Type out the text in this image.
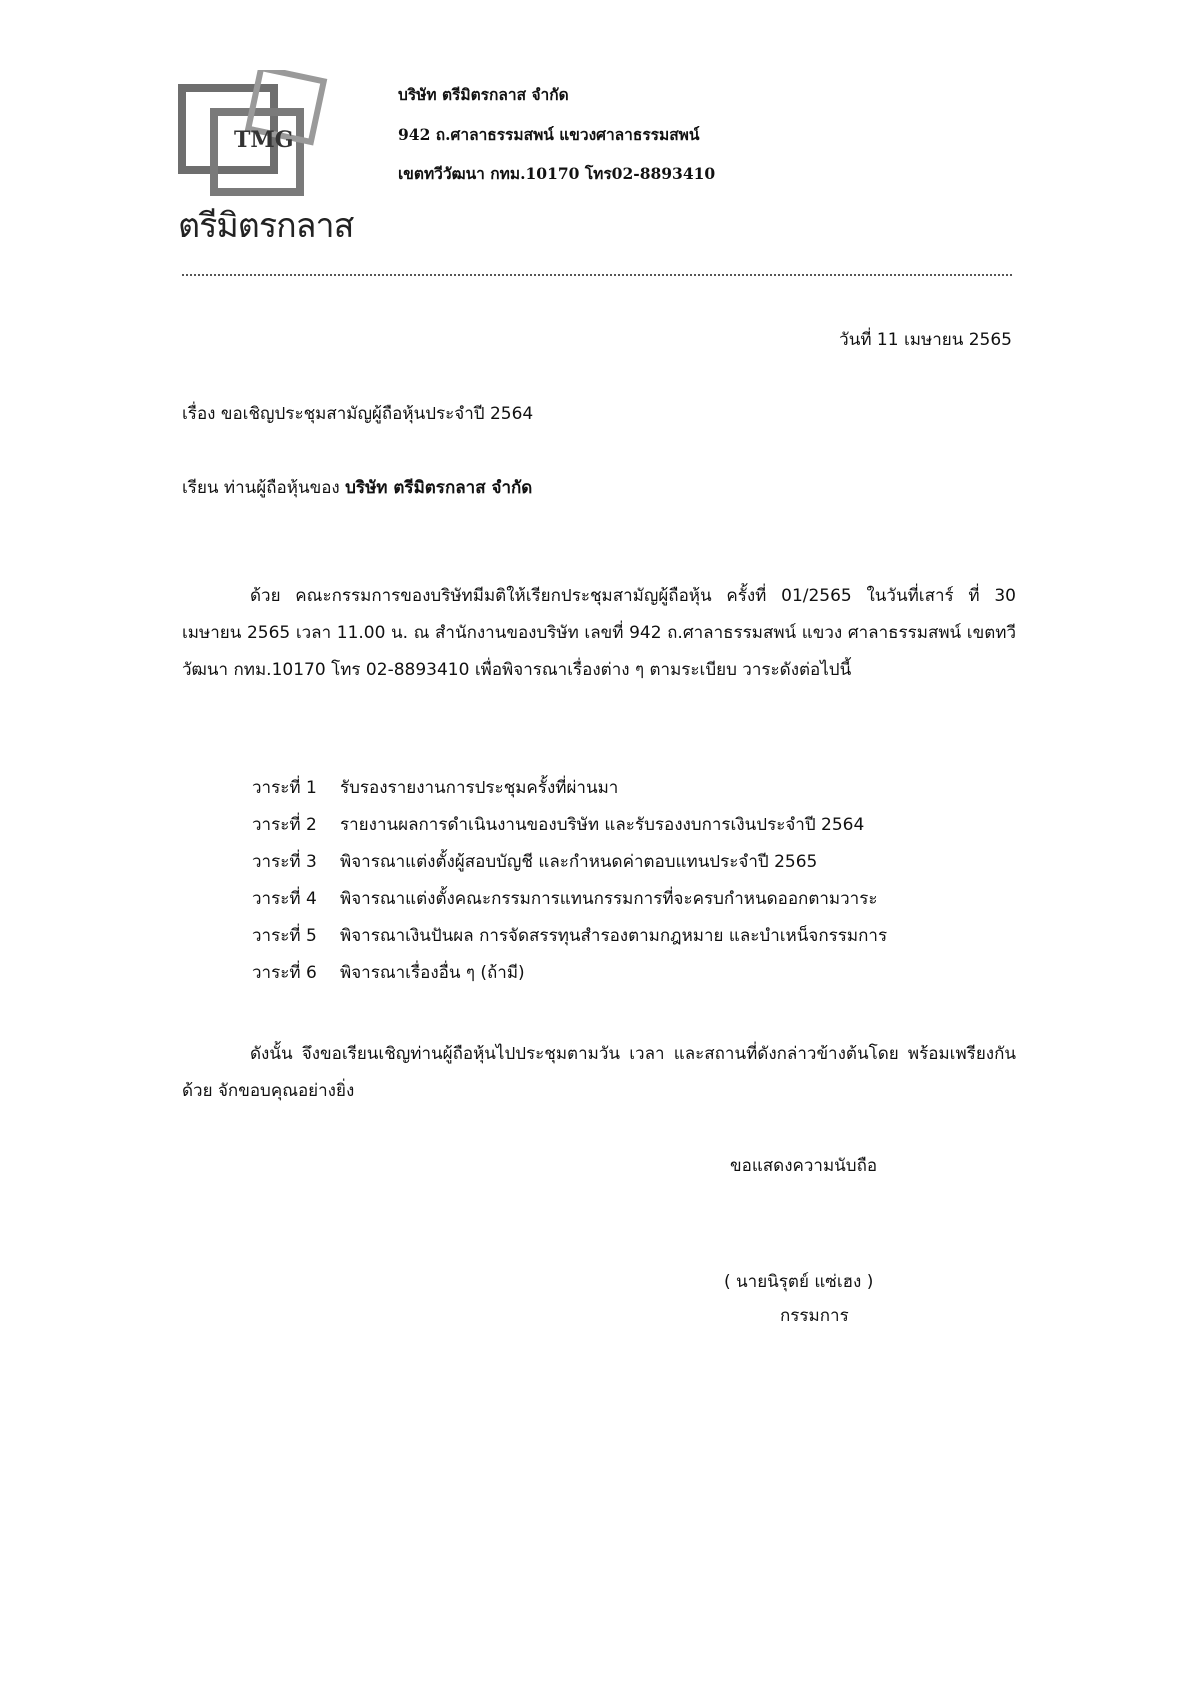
TMG
ตรีมิตรกลาส
บริษัท ตรีมิตรกลาส จำกัด
942 ถ.ศาลาธรรมสพน์ แขวงศาลาธรรมสพน์
เขตทวีวัฒนา กทม.10170 โทร02-8893410
วันที่ 11 เมษายน 2565
เรื่อง ขอเชิญประชุมสามัญผู้ถือหุ้นประจำปี 2564
เรียน ท่านผู้ถือหุ้นของ บริษัท ตรีมิตรกลาส จำกัด
ด้วย คณะกรรมการของบริษัทมีมติให้เรียกประชุมสามัญผู้ถือหุ้น ครั้งที่ 01/2565 ในวันที่เสาร์ ที่ 30 เมษายน 2565 เวลา 11.00 น. ณ สำนักงานของบริษัท เลขที่ 942 ถ.ศาลาธรรมสพน์ แขวง ศาลาธรรมสพน์ เขตทวีวัฒนา กทม.10170 โทร 02-8893410 เพื่อพิจารณาเรื่องต่าง ๆ ตามระเบียบ วาระดังต่อไปนี้
วาระที่ 1 รับรองรายงานการประชุมครั้งที่ผ่านมา
วาระที่ 2 รายงานผลการดำเนินงานของบริษัท และรับรองงบการเงินประจำปี 2564
วาระที่ 3 พิจารณาแต่งตั้งผู้สอบบัญชี และกำหนดค่าตอบแทนประจำปี 2565
วาระที่ 4 พิจารณาแต่งตั้งคณะกรรมการแทนกรรมการที่จะครบกำหนดออกตามวาระ
วาระที่ 5 พิจารณาเงินปันผล การจัดสรรทุนสำรองตามกฎหมาย และบำเหน็จกรรมการ
วาระที่ 6 พิจารณาเรื่องอื่น ๆ (ถ้ามี)
ดังนั้น จึงขอเรียนเชิญท่านผู้ถือหุ้นไปประชุมตามวัน เวลา และสถานที่ดังกล่าวข้างต้นโดย พร้อมเพรียงกันด้วย จักขอบคุณอย่างยิ่ง
ขอแสดงความนับถือ
( นายนิรุตย์ แซ่เฮง )
กรรมการ
